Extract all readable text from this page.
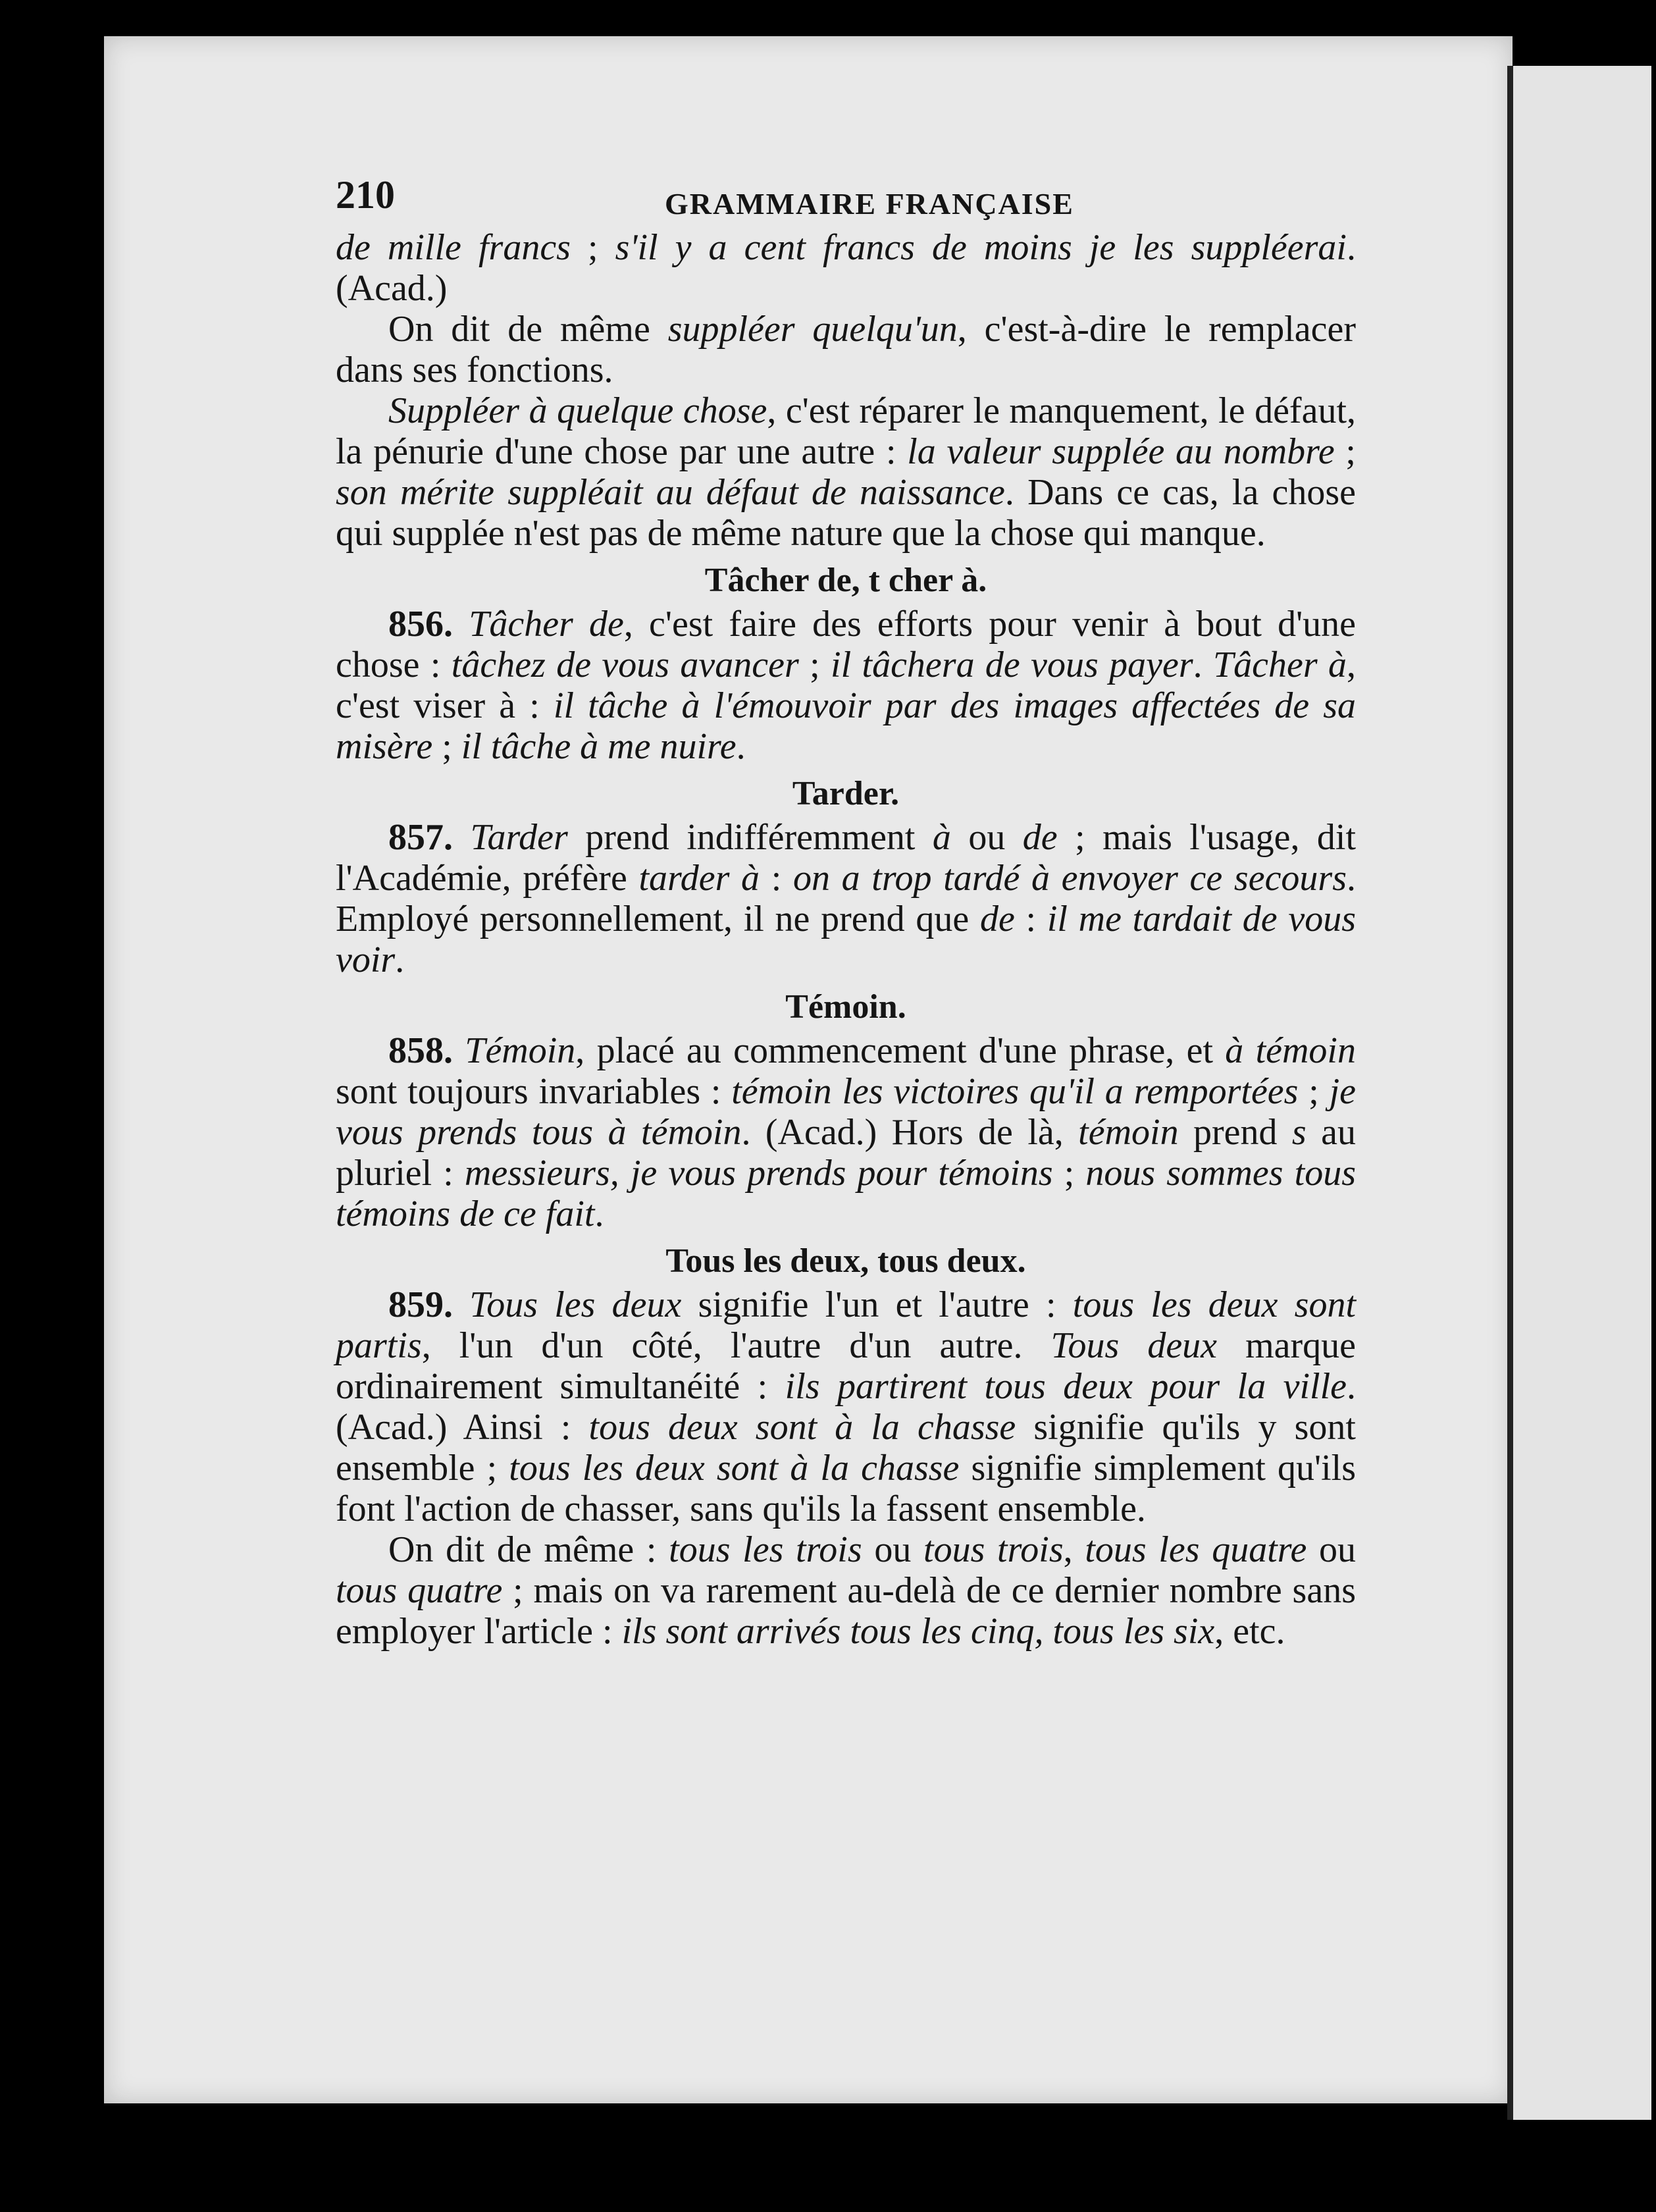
210	GRAMMAIRE FRANÇAISE

de mille francs ; s'il y a cent francs de moins je les suppléerai. (Acad.)

On dit de même suppléer quelqu'un, c'est-à-dire le remplacer dans ses fonctions.

Suppléer à quelque chose, c'est réparer le manquement, le défaut, la pénurie d'une chose par une autre : la valeur supplée au nombre ; son mérite suppléait au défaut de naissance. Dans ce cas, la chose qui supplée n'est pas de même nature que la chose qui manque.

Tâcher de, t cher à.

856. Tâcher de, c'est faire des efforts pour venir à bout d'une chose : tâchez de vous avancer ; il tâchera de vous payer. Tâcher à, c'est viser à : il tâche à l'émouvoir par des images affectées de sa misère ; il tâche à me nuire.

Tarder.

857. Tarder prend indifféremment à ou de ; mais l'usage, dit l'Académie, préfère tarder à : on a trop tardé à envoyer ce secours. Employé personnellement, il ne prend que de : il me tardait de vous voir.

Témoin.

858. Témoin, placé au commencement d'une phrase, et à témoin sont toujours invariables : témoin les victoires qu'il a remportées ; je vous prends tous à témoin. (Acad.) Hors de là, témoin prend s au pluriel : messieurs, je vous prends pour témoins ; nous sommes tous témoins de ce fait.

Tous les deux, tous deux.

859. Tous les deux signifie l'un et l'autre : tous les deux sont partis, l'un d'un côté, l'autre d'un autre. Tous deux marque ordinairement simultanéité : ils partirent tous deux pour la ville. (Acad.) Ainsi : tous deux sont à la chasse signifie qu'ils y sont ensemble ; tous les deux sont à la chasse signifie simplement qu'ils font l'action de chasser, sans qu'ils la fassent ensemble.

On dit de même : tous les trois ou tous trois, tous les quatre ou tous quatre ; mais on va rarement au-delà de ce dernier nombre sans employer l'article : ils sont arrivés tous les cinq, tous les six, etc.
